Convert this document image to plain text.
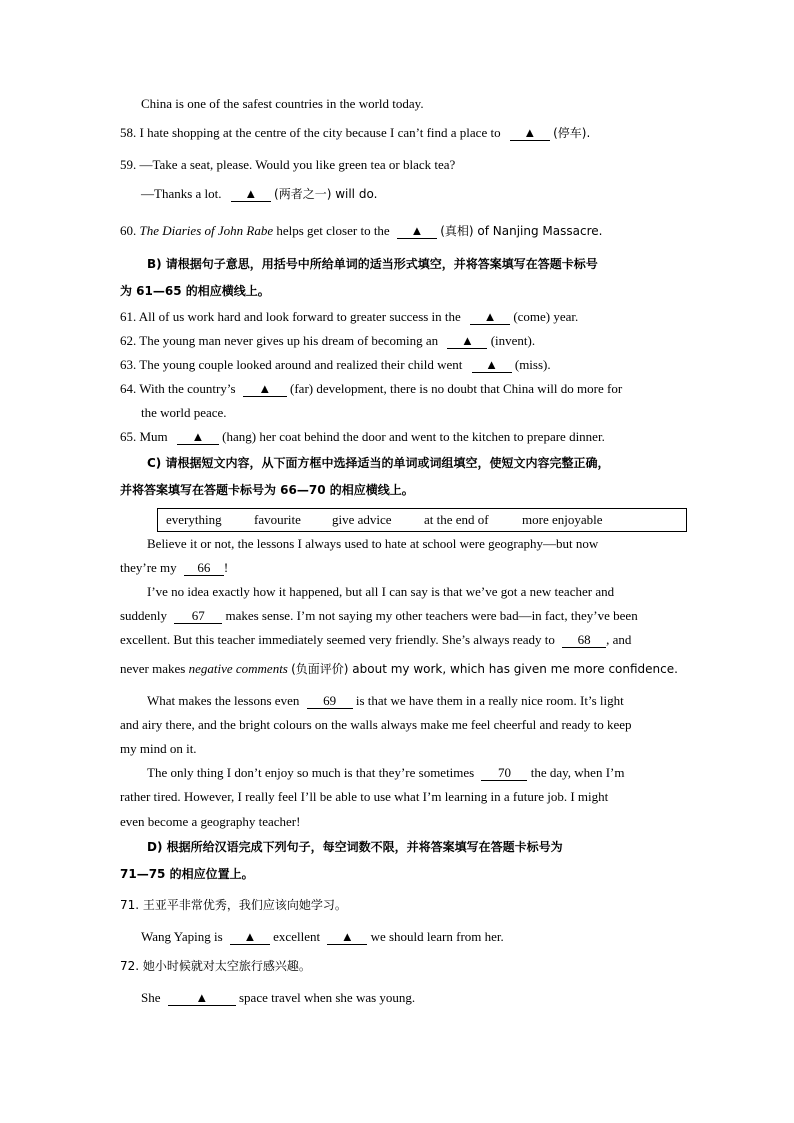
China is one of the safest countries in the world today.
58. I hate shopping at the centre of the city because I can’t find a place to ▲ (停车).
59. —Take a seat, please. Would you like green tea or black tea?
—Thanks a lot. ▲ (两者之一) will do.
60. The Diaries of John Rabe helps get closer to the ▲ (真相) of Nanjing Massacre.
B) 请根据句子意思，用括号中所给单词的适当形式填空，并将答案填写在答题卡标号
为 61—65 的相应横线上。
61. All of us work hard and look forward to greater success in the ▲ (come) year.
62. The young man never gives up his dream of becoming an ▲ (invent).
63. The young couple looked around and realized their child went ▲ (miss).
64. With the country’s ▲ (far) development, there is no doubt that China will do more for
the world peace.
65. Mum ▲ (hang) her coat behind the door and went to the kitchen to prepare dinner.
C) 请根据短文内容，从下面方框中选择适当的单词或词组填空，使短文内容完整正确，
并将答案填写在答题卡标号为 66—70 的相应横线上。
everything favourite give advice at the end of	more enjoyable
Believe it or not, the lessons I always used to hate at school were geography—but now
they’re my 66 !
I’ve no idea exactly how it happened, but all I can say is that we’ve got a new teacher and
suddenly 67 makes sense. I’m not saying my other teachers were bad—in fact, they’ve been
excellent. But this teacher immediately seemed very friendly. She’s always ready to 68 , and
never makes negative comments (负面评价) about my work, which has given me more confidence.
What makes the lessons even 69 is that we have them in a really nice room. It’s light
and airy there, and the bright colours on the walls always make me feel cheerful and ready to keep
my mind on it.
The only thing I don’t enjoy so much is that they’re sometimes 70 the day, when I’m
rather tired. However, I really feel I’ll be able to use what I’m learning in a future job. I might
even become a geography teacher!
D) 根据所给汉语完成下列句子，每空词数不限，并将答案填写在答题卡标号为
71—75 的相应位置上。
71. 王亚平非常优秀，我们应该向她学习。
Wang Yaping is ▲ excellent ▲ we should learn from her.
72. 她小时候就对太空旅行感兴趣。
She	▲ space travel when she was young.
